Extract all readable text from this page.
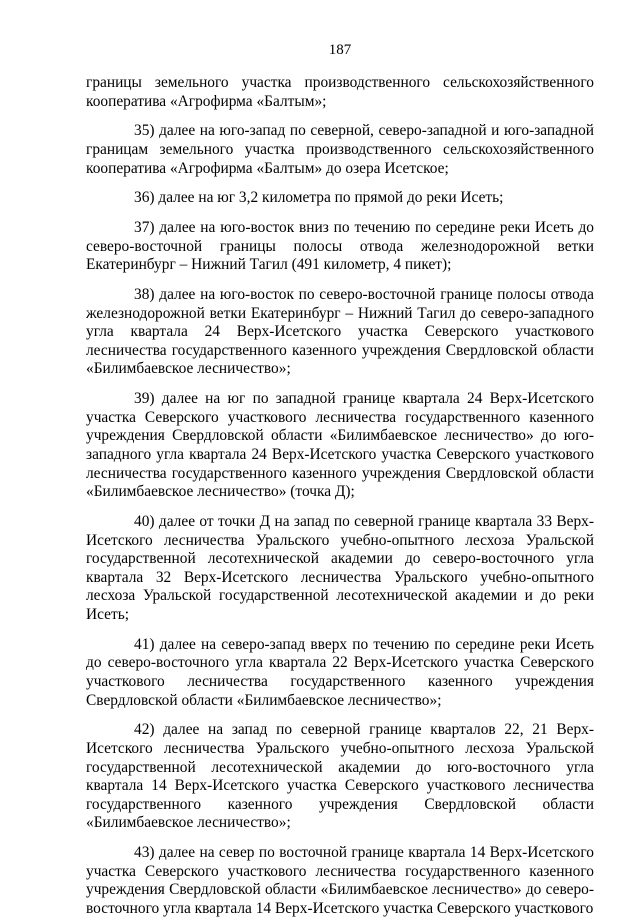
187

границы земельного участка производственного сельскохозяйственного кооператива «Агрофирма «Балтым»;

35) далее на юго-запад по северной, северо-западной и юго-западной границам земельного участка производственного сельскохозяйственного кооператива «Агрофирма «Балтым» до озера Исетское;

36) далее на юг 3,2 километра по прямой до реки Исеть;

37) далее на юго-восток вниз по течению по середине реки Исеть до северо-восточной границы полосы отвода железнодорожной ветки Екатеринбург – Нижний Тагил (491 километр, 4 пикет);

38) далее на юго-восток по северо-восточной границе полосы отвода железнодорожной ветки Екатеринбург – Нижний Тагил до северо-западного угла квартала 24 Верх-Исетского участка Северского участкового лесничества государственного казенного учреждения Свердловской области «Билимбаевское лесничество»;

39) далее на юг по западной границе квартала 24 Верх-Исетского участка Северского участкового лесничества государственного казенного учреждения Свердловской области «Билимбаевское лесничество» до юго-западного угла квартала 24 Верх-Исетского участка Северского участкового лесничества государственного казенного учреждения Свердловской области «Билимбаевское лесничество» (точка Д);

40) далее от точки Д на запад по северной границе квартала 33 Верх-Исетского лесничества Уральского учебно-опытного лесхоза Уральской государственной лесотехнической академии до северо-восточного угла квартала 32 Верх-Исетского лесничества Уральского учебно-опытного лесхоза Уральской государственной лесотехнической академии и до реки Исеть;

41) далее на северо-запад вверх по течению по середине реки Исеть до северо-восточного угла квартала 22 Верх-Исетского участка Северского участкового лесничества государственного казенного учреждения Свердловской области «Билимбаевское лесничество»;

42) далее на запад по северной границе кварталов 22, 21 Верх-Исетского лесничества Уральского учебно-опытного лесхоза Уральской государственной лесотехнической академии до юго-восточного угла квартала 14 Верх-Исетского участка Северского участкового лесничества государственного казенного учреждения Свердловской области «Билимбаевское лесничество»;

43) далее на север по восточной границе квартала 14 Верх-Исетского участка Северского участкового лесничества государственного казенного учреждения Свердловской области «Билимбаевское лесничество» до северо-восточного угла квартала 14 Верх-Исетского участка Северского участкового
